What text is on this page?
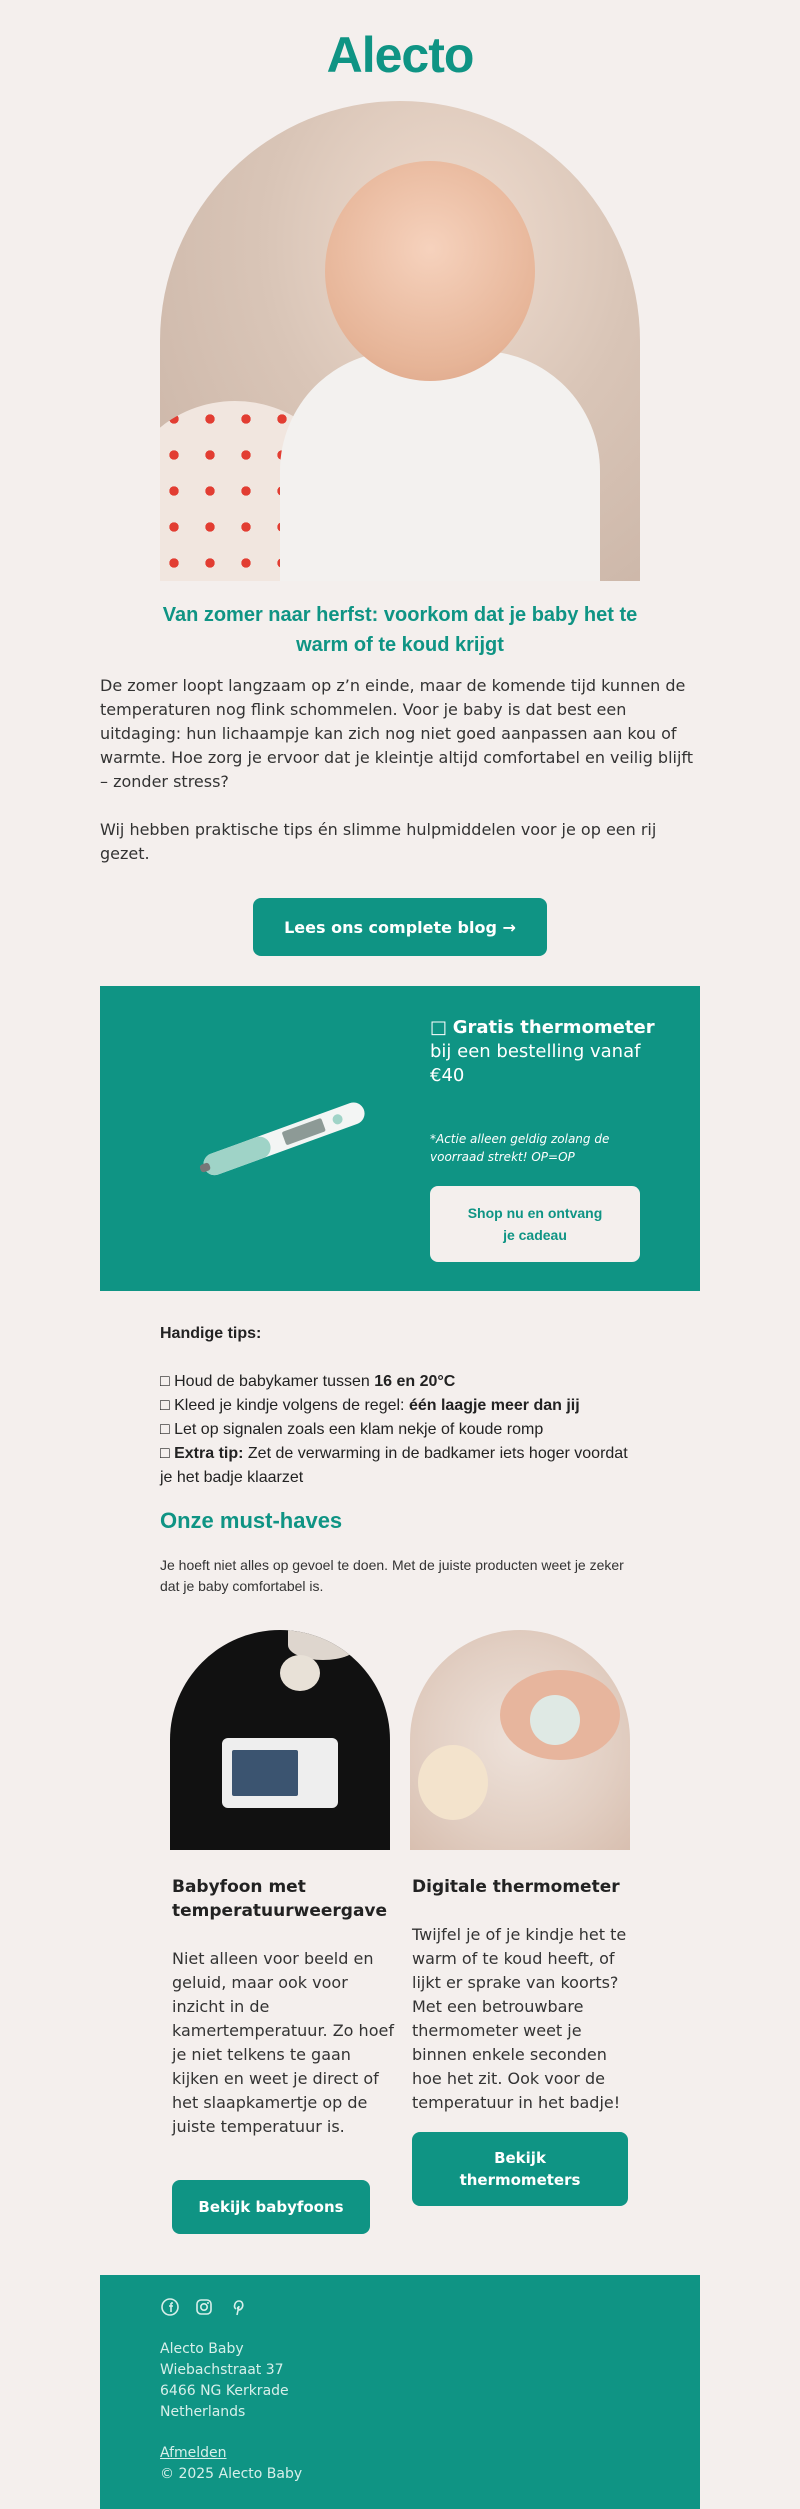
Alecto
Van zomer naar herfst: voorkom dat je baby het te warm of te koud krijgt

De zomer loopt langzaam op z’n einde, maar de komende tijd kunnen de temperaturen nog flink schommelen. Voor je baby is dat best een uitdaging: hun lichaampje kan zich nog niet goed aanpassen aan kou of warmte. Hoe zorg je ervoor dat je kleintje altijd comfortabel en veilig blijft – zonder stress?

Wij hebben praktische tips én slimme hulpmiddelen voor je op een rij gezet.

Lees ons complete blog →
□ Gratis thermometer bij een bestelling vanaf €40
*Actie alleen geldig zolang de voorraad strekt! OP=OP
Shop nu en ontvang je cadeau
Handige tips:
□ Houd de babykamer tussen 16 en 20°C
□ Kleed je kindje volgens de regel: één laagje meer dan jij
□ Let op signalen zoals een klam nekje of koude romp
□ Extra tip: Zet de verwarming in de badkamer iets hoger voordat je het badje klaarzet
Onze must-haves

Je hoeft niet alles op gevoel te doen. Met de juiste producten weet je zeker dat je baby comfortabel is.

Babyfoon met temperatuurweergave
Niet alleen voor beeld en geluid, maar ook voor inzicht in de kamertemperatuur. Zo hoef je niet telkens te gaan kijken en weet je direct of het slaapkamertje op de juiste temperatuur is.
Bekijk babyfoons
Digitale thermometer
Twijfel je of je kindje het te warm of te koud heeft, of lijkt er sprake van koorts? Met een betrouwbare thermometer weet je binnen enkele seconden hoe het zit. Ook voor de temperatuur in het badje!
Bekijk thermometers
Alecto Baby
Wiebachstraat 37
6466 NG Kerkrade
Netherlands
Afmelden
© 2025 Alecto Baby
